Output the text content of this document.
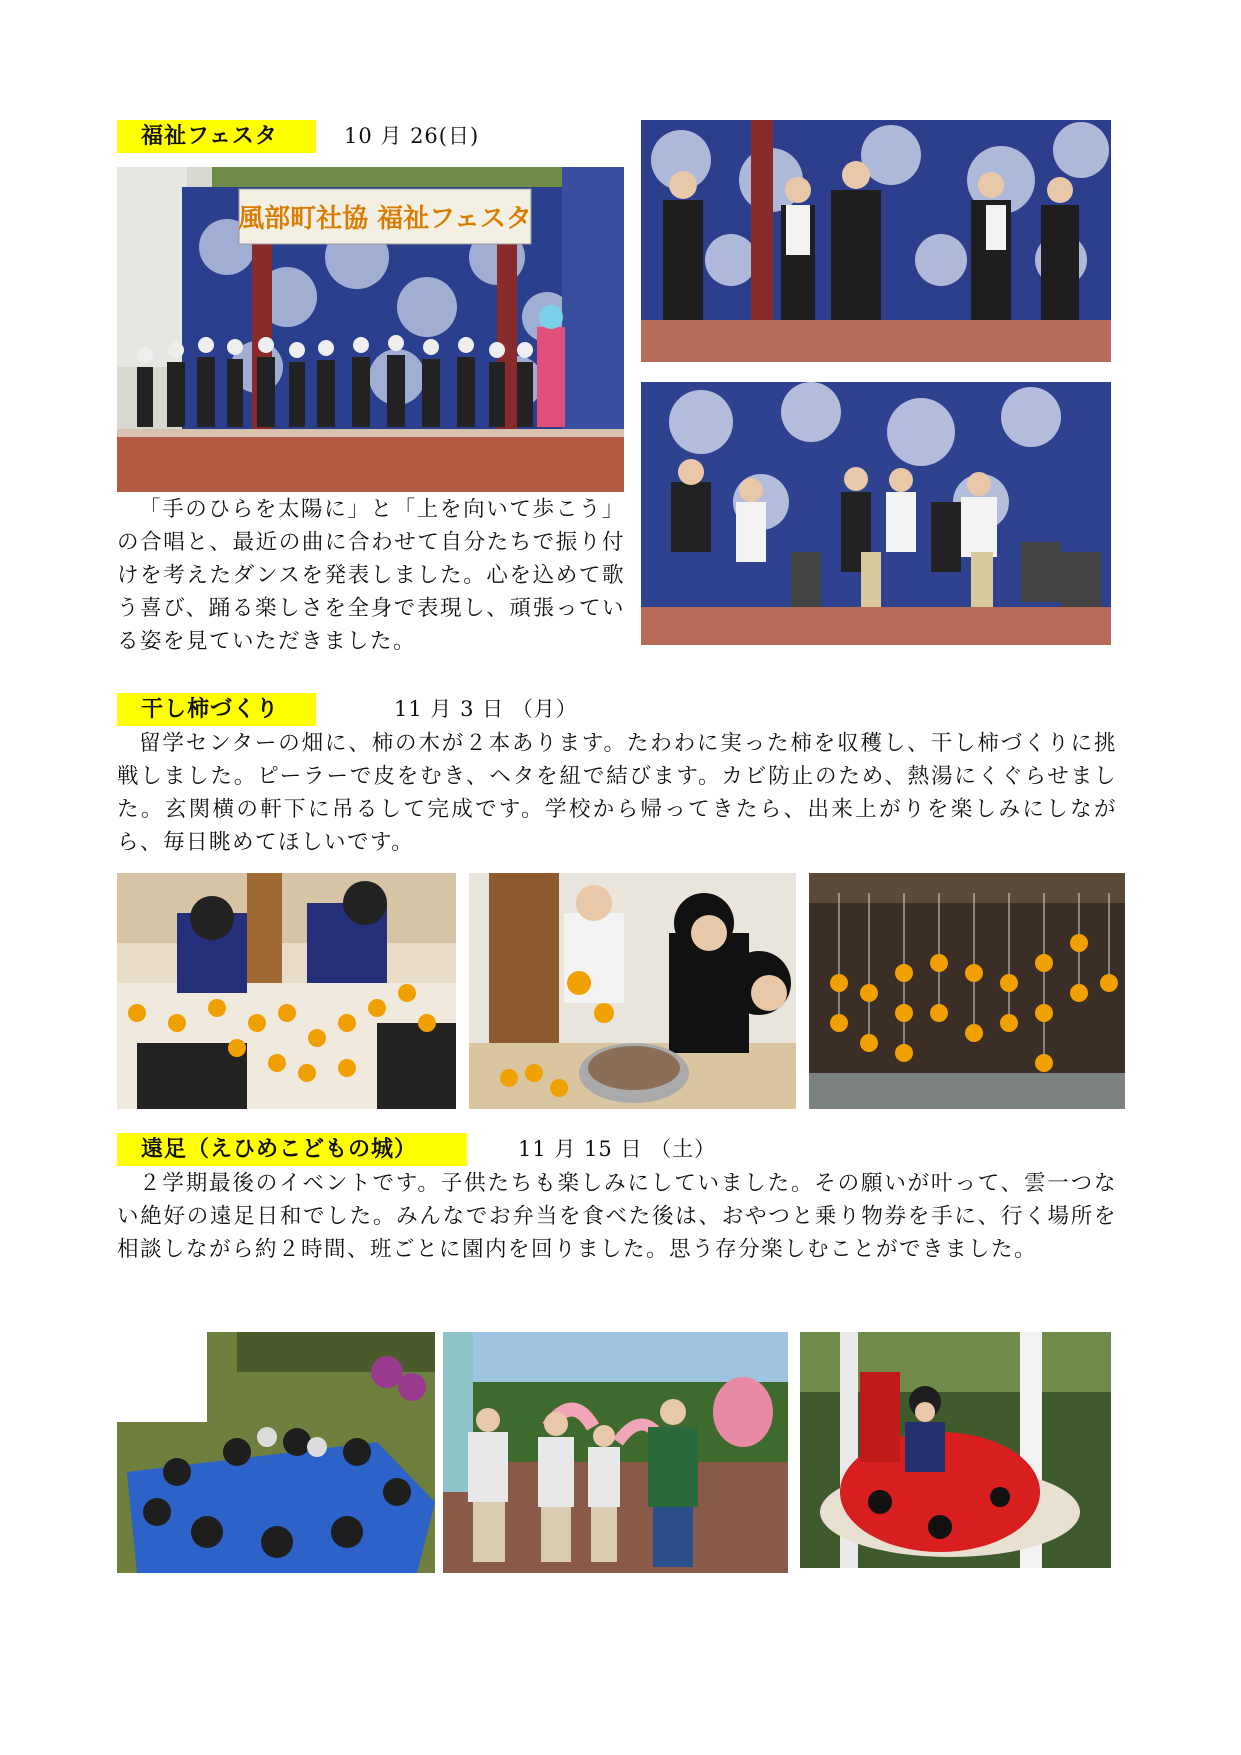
福祉フェスタ	10 月 26(日)
風部町社協 福祉フェスタ
「手のひらを太陽に」と「上を向いて歩こう」の合唱と、最近の曲に合わせて自分たちで振り付けを考えたダンスを発表しました。心を込めて歌う喜び、踊る楽しさを全身で表現し、頑張っている姿を見ていただきました。
干し柿づくり	11 月 3 日 （月）
留学センターの畑に、柿の木が２本あります。たわわに実った柿を収穫し、干し柿づくりに挑戦しました。ピーラーで皮をむき、ヘタを紐で結びます。カビ防止のため、熱湯にくぐらせました。玄関横の軒下に吊るして完成です。学校から帰ってきたら、出来上がりを楽しみにしながら、毎日眺めてほしいです。
遠足（えひめこどもの城）	11 月 15 日 （土）
２学期最後のイベントです。子供たちも楽しみにしていました。その願いが叶って、雲一つない絶好の遠足日和でした。みんなでお弁当を食べた後は、おやつと乗り物券を手に、行く場所を相談しながら約２時間、班ごとに園内を回りました。思う存分楽しむことができました。
